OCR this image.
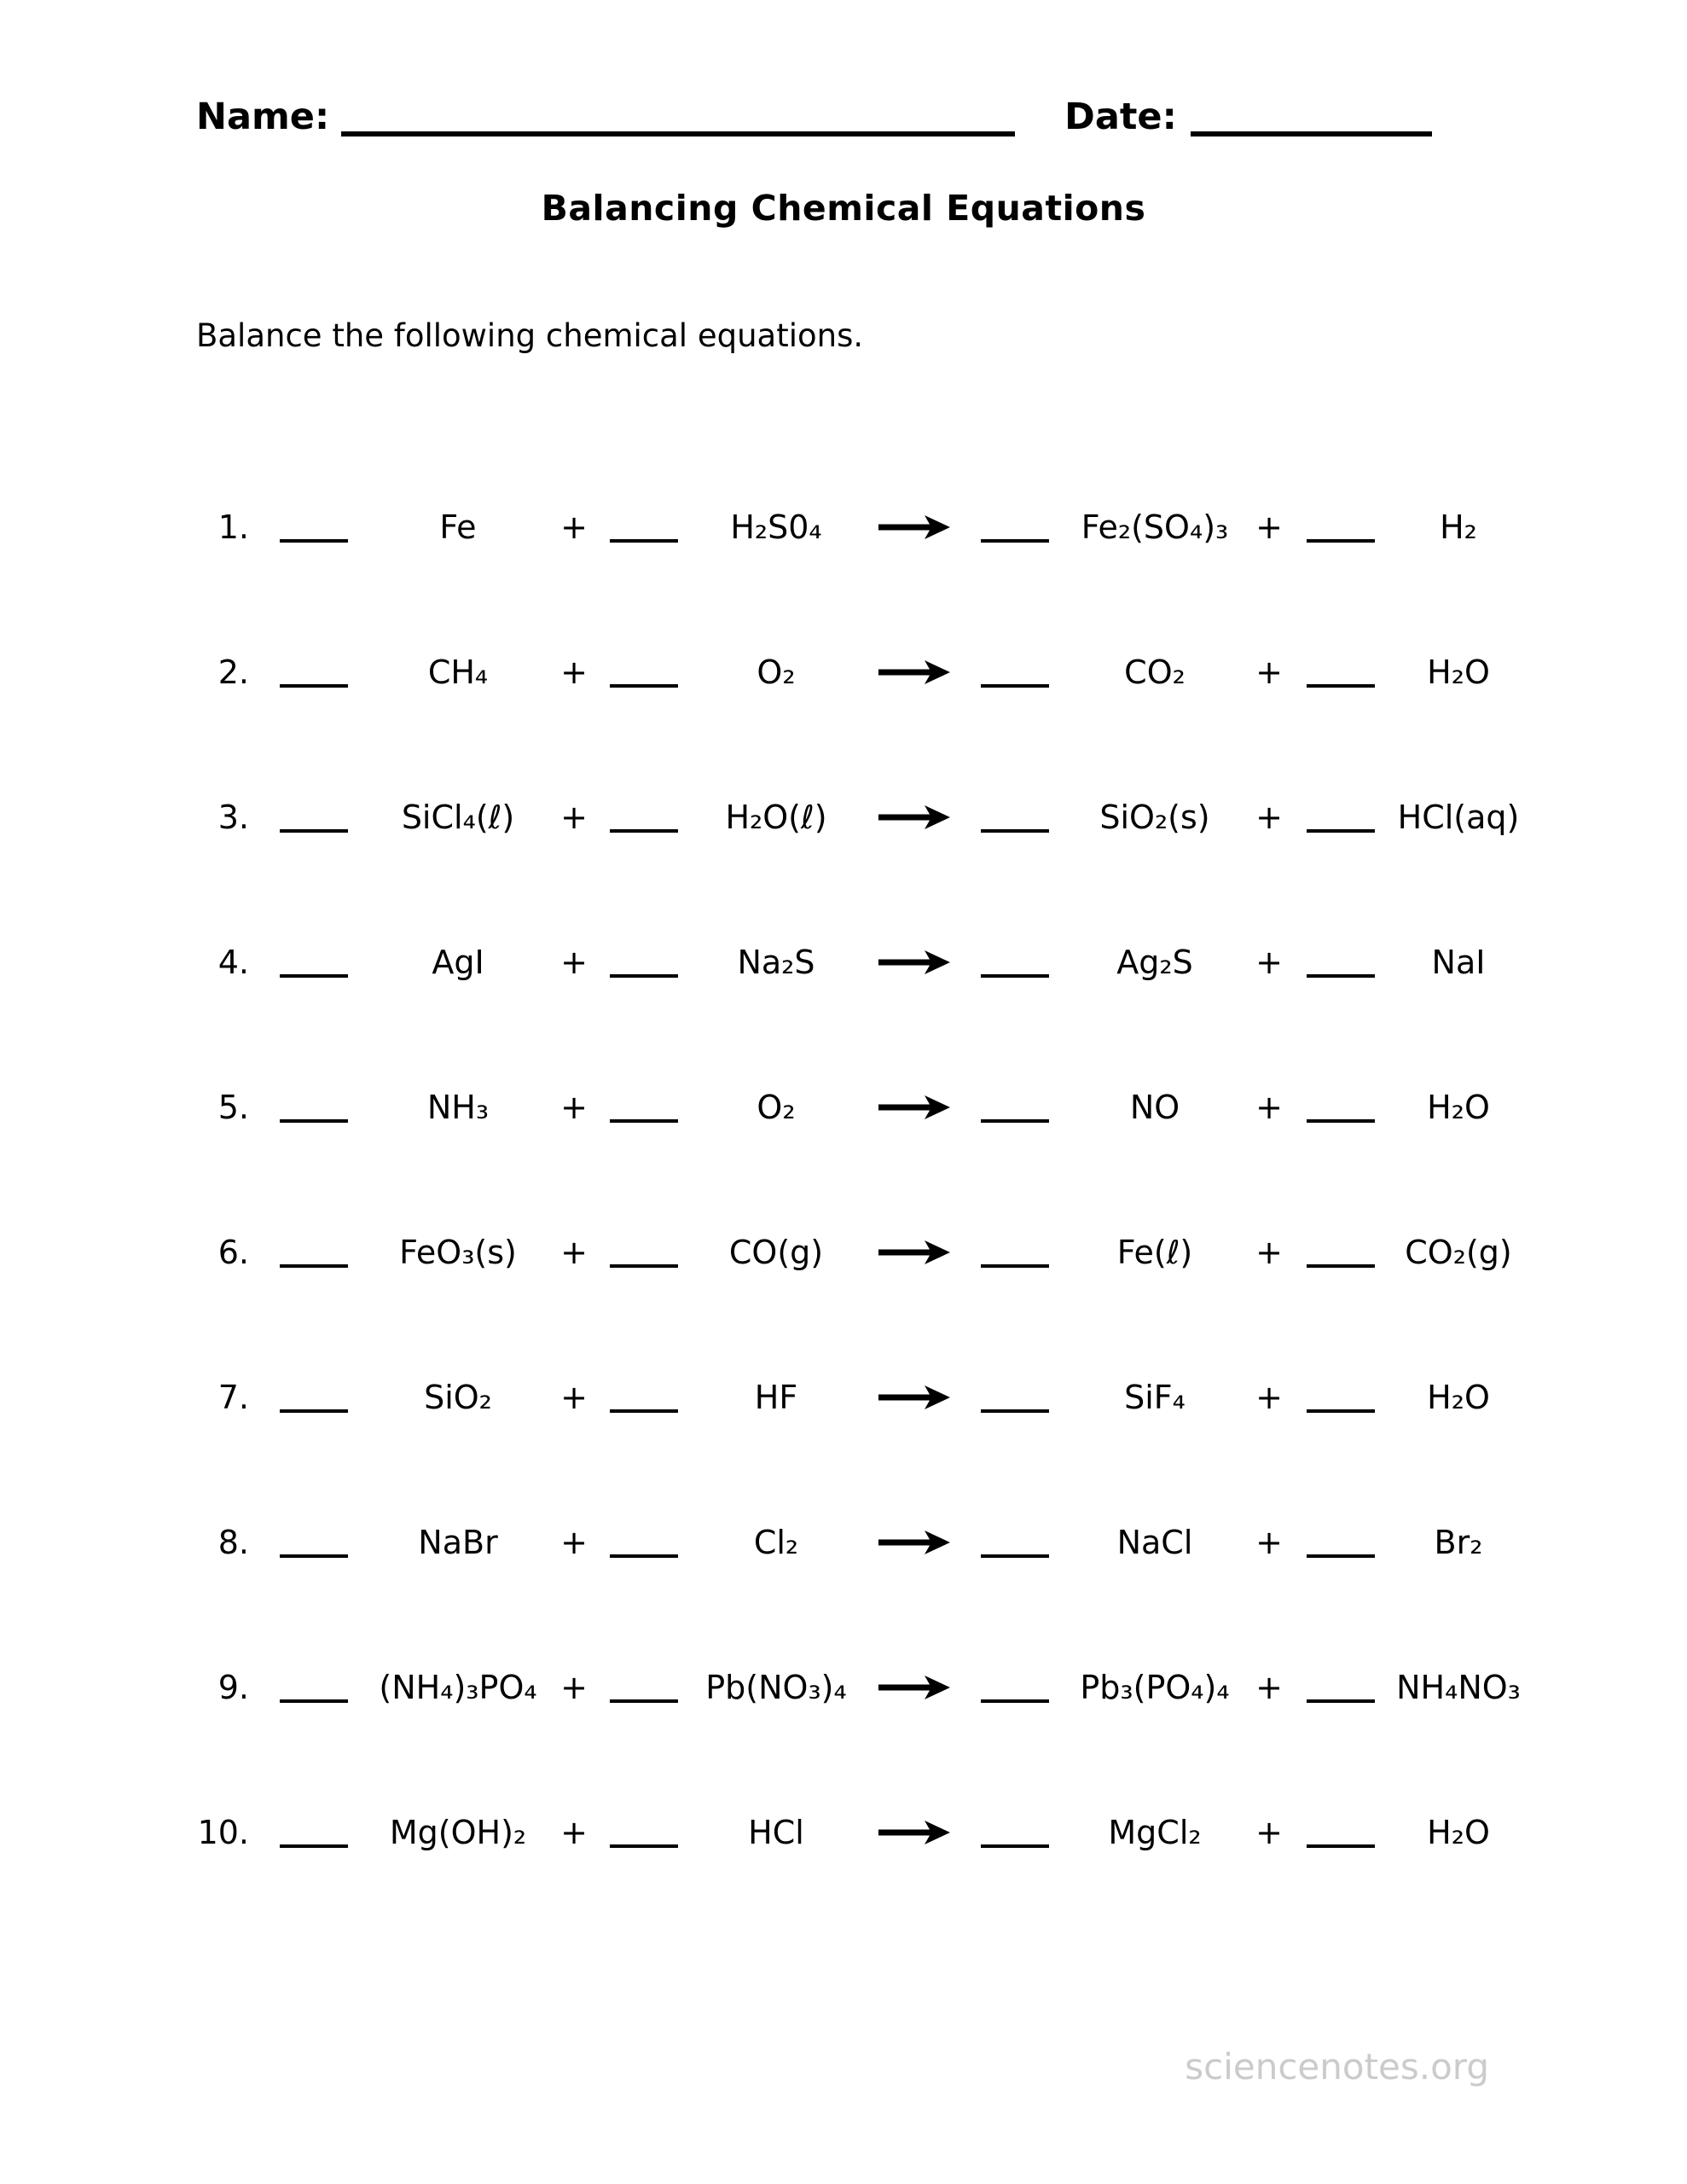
Name:	Date:
Balancing Chemical Equations
Balance the following chemical equations.
1.	Fe	+	H₂S0₄	→	Fe₂(SO₄)₃ +	H₂
2.	CH₄	+	O₂	CO₂	+	H₂O
3.	SiCl₄(ℓ)	+	H₂O(ℓ)	→	SiO₂(s)	+	HCl(aq)
4.	AgI	+	Na₂S	Ag₂S	+	NaI
5.	NH₃	+	O₂	NO	+	H₂O
6.	FeO₃(s)	+	CO(g)	→	Fe(ℓ)	+	CO₂(g)
7.	SiO₂	+	HF	SiF₄	+	H₂O
8.	NaBr	+	Cl₂	NaCl	+	Br₂
9.	(NH₄)₃PO₄ +	Pb(NO₃)₄ →	Pb₃(PO₄)₄ +	NH₄NO₃
10.	Mg(OH)₂	+	HCl	MgCl₂	+	H₂O
sciencenotes.org
